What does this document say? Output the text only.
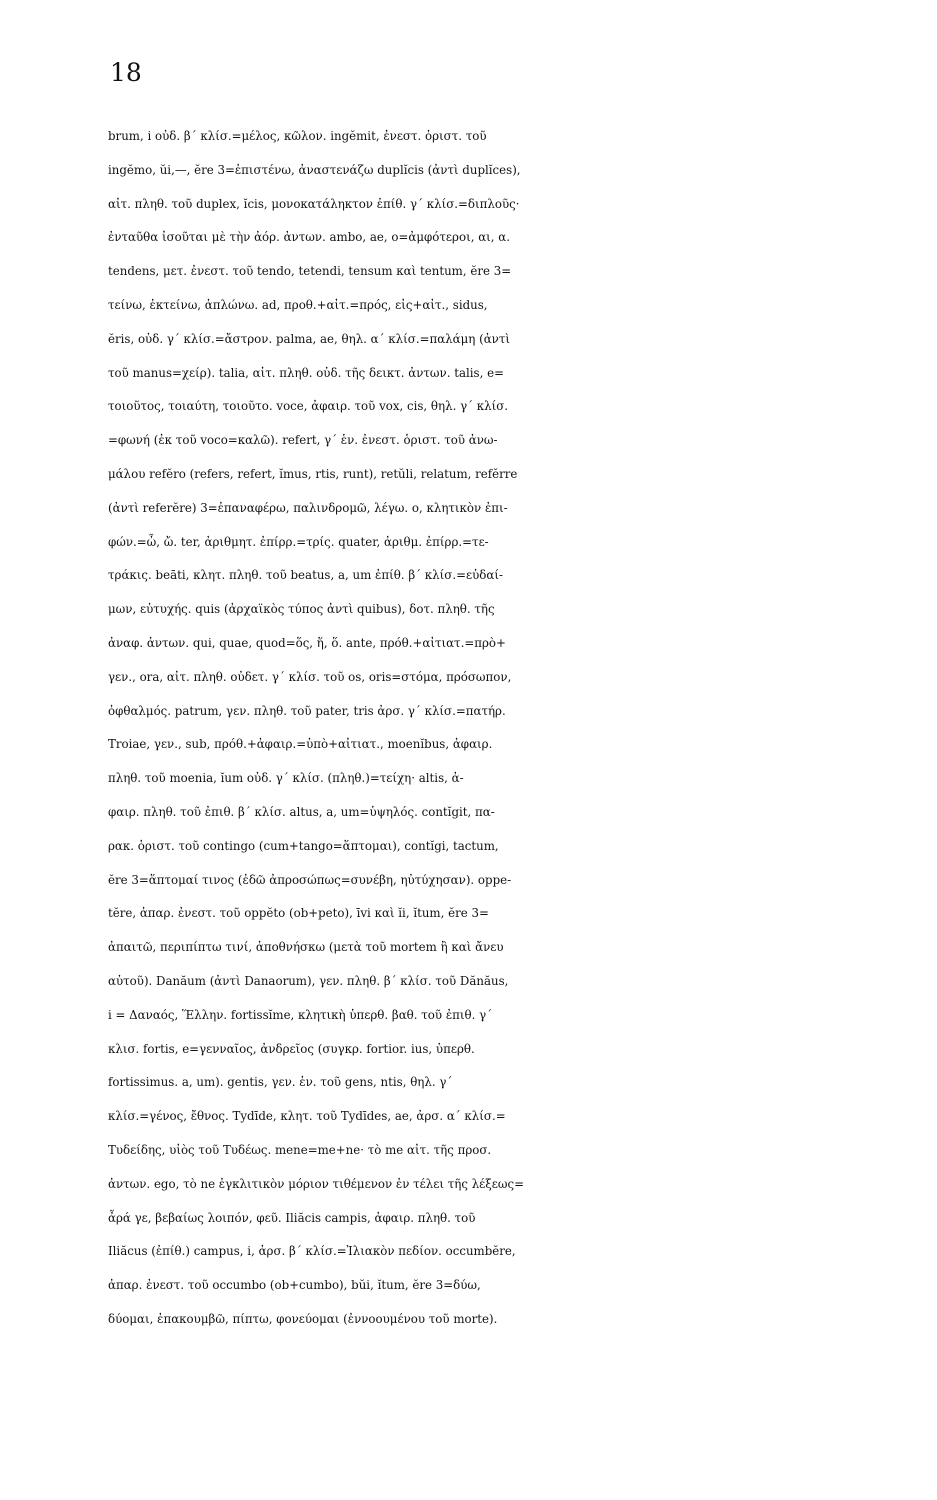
18
brum, i οὐδ. β΄ κλίσ.=μέλος, κῶλον. ingĕmit, ἐνεστ. ὁριστ. τοῦ
ingĕmo, ŭi,—, ĕre 3=ἐπιστένω, ἀναστενάζω duplĭcis (ἀντὶ duplĭces),
αἰτ. πληθ. τοῦ duplex, ĭcis, μονοκατάληκτον ἐπίθ. γ΄ κλίσ.=διπλοῦς·
ἐνταῦθα ἰσοῦται μὲ τὴν ἀόρ. ἀντων. ambo, ae, o=ἀμφότεροι, αι, α.
tendens, μετ. ἐνεστ. τοῦ tendo, tetendi, tensum καὶ tentum, ĕre 3=
τείνω, ἐκτείνω, ἁπλώνω. ad, προθ.+αἰτ.=πρός, εἰς+αἰτ., sidus,
ĕris, οὐδ. γ΄ κλίσ.=ἄστρον. palma, ae, θηλ. α΄ κλίσ.=παλάμη (ἀντὶ
τοῦ manus=χείρ). talia, αἰτ. πληθ. οὐδ. τῆς δεικτ. ἀντων. talis, e=
τοιοῦτος, τοιαύτη, τοιοῦτο. voce, ἀφαιρ. τοῦ vox, cis, θηλ. γ΄ κλίσ.
=φωνή (ἐκ τοῦ voco=καλῶ). refert, γ΄ ἑν. ἐνεστ. ὁριστ. τοῦ ἀνω-
μάλου refĕro (refers, refert, ĭmus, rtis, runt), retŭli, relatum, refĕrre
(ἀντὶ referĕre) 3=ἐπαναφέρω, παλινδρομῶ, λέγω. o, κλητικὸν ἐπι-
φών.=ὦ, ὤ. ter, ἀριθμητ. ἐπίρρ.=τρίς. quater, ἀριθμ. ἐπίρρ.=τε-
τράκις. beāti, κλητ. πληθ. τοῦ beatus, a, um ἐπίθ. β΄ κλίσ.=εὐδαί-
μων, εὐτυχής. quis (ἀρχαϊκὸς τύπος ἀντὶ quibus), δοτ. πληθ. τῆς
ἀναφ. ἀντων. qui, quae, quod=ὅς, ἥ, ὅ. ante, πρόθ.+αἰτιατ.=πρὸ+
γεν., ora, αἰτ. πληθ. οὐδετ. γ΄ κλίσ. τοῦ os, oris=στόμα, πρόσωπον,
ὀφθαλμός. patrum, γεν. πληθ. τοῦ pater, tris ἀρσ. γ΄ κλίσ.=πατήρ.
Troiae, γεν., sub, πρόθ.+ἀφαιρ.=ὑπὸ+αἰτιατ., moenĭbus, ἀφαιρ.
πληθ. τοῦ moenia, ĭum οὐδ. γ΄ κλίσ. (πληθ.)=τείχη· altis, ἀ-
φαιρ. πληθ. τοῦ ἐπιθ. β΄ κλίσ. altus, a, um=ὑψηλός. contĭgit, πα-
ρακ. ὁριστ. τοῦ contingo (cum+tango=ἅπτομαι), contĭgi, tactum,
ĕre 3=ἅπτομαί τινος (ἐδῶ ἀπροσώπως=συνέβη, ηὐτύχησαν). oppe-
tĕre, ἀπαρ. ἐνεστ. τοῦ oppĕto (ob+peto), īvi καὶ ĭi, ĭtum, ĕre 3=
ἀπαιτῶ, περιπίπτω τινί, ἀποθνήσκω (μετὰ τοῦ mortem ἢ καὶ ἄνευ
αὐτοῦ). Danăum (ἀντὶ Danaorum), γεν. πληθ. β΄ κλίσ. τοῦ Dănăus,
i = Δαναός, Ἕλλην. fortissĭme, κλητικὴ ὑπερθ. βαθ. τοῦ ἐπιθ. γ΄
κλισ. fortis, e=γενναῖος, ἀνδρεῖος (συγκρ. fortior. ius, ὑπερθ.
fortissimus. a, um). gentis, γεν. ἑν. τοῦ gens, ntis, θηλ. γ΄
κλίσ.=γένος, ἔθνος. Tydīde, κλητ. τοῦ Tydīdes, ae, ἀρσ. α΄ κλίσ.=
Τυδείδης, υἱὸς τοῦ Τυδέως. mene=me+ne· τὸ me αἰτ. τῆς προσ.
ἀντων. ego, τὸ ne ἐγκλιτικὸν μόριον τιθέμενον ἐν τέλει τῆς λέξεως=
ἆρά γε, βεβαίως λοιπόν, φεῦ. Iliăcis campis, ἀφαιρ. πληθ. τοῦ
Iliăcus (ἐπίθ.) campus, i, ἀρσ. β΄ κλίσ.=Ἰλιακὸν πεδίον. occumbĕre,
ἀπαρ. ἐνεστ. τοῦ occumbo (ob+cumbo), bŭi, ĭtum, ĕre 3=δύω,
δύομαι, ἐπακουμβῶ, πίπτω, φονεύομαι (ἐννοουμένου τοῦ morte).
